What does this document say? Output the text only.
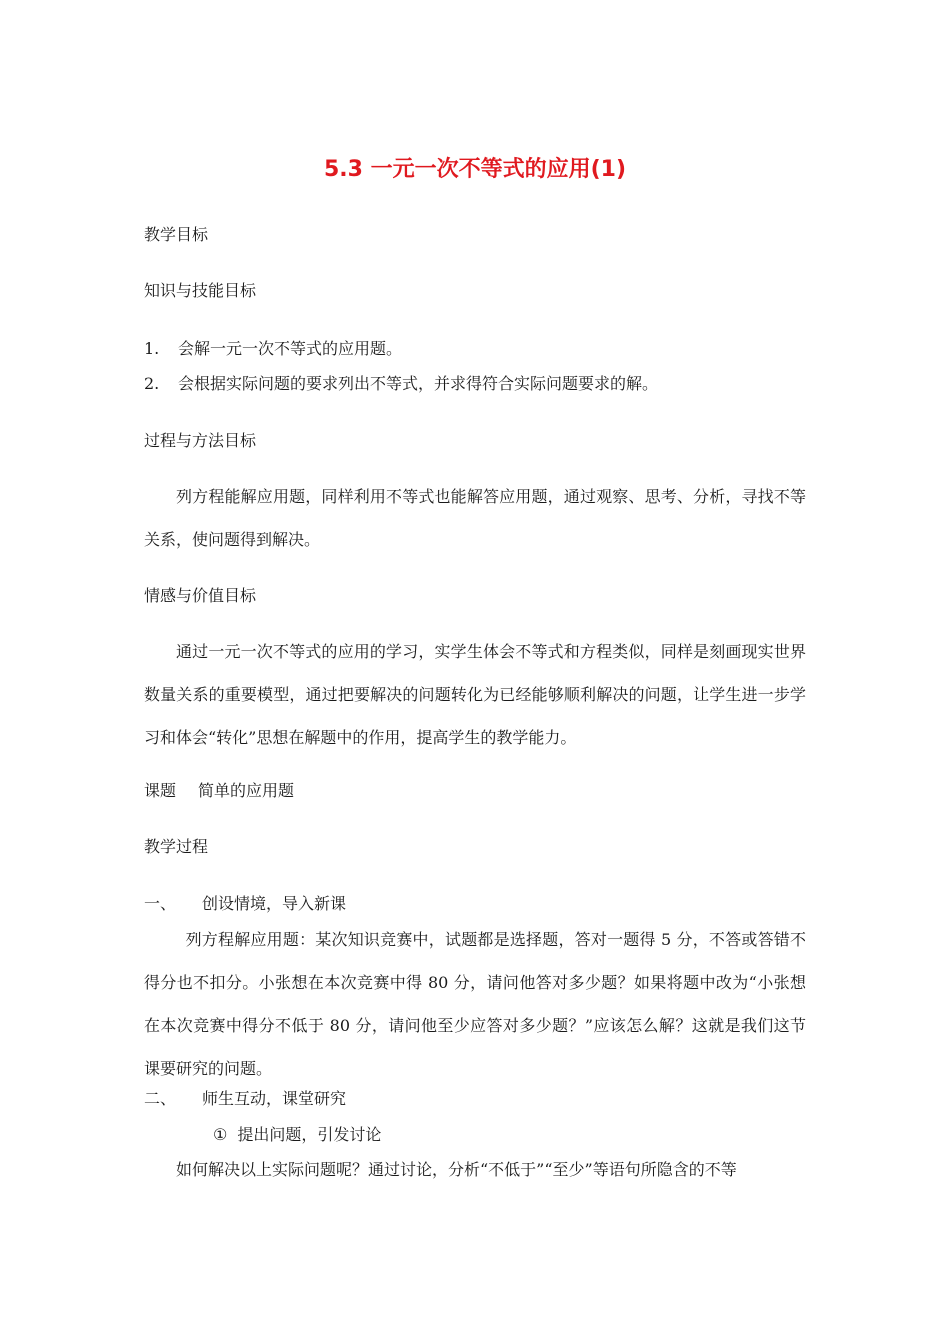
5.3 一元一次不等式的应用(1)
教学目标
知识与技能目标
1. 会解一元一次不等式的应用题。
2. 会根据实际问题的要求列出不等式，并求得符合实际问题要求的解。
过程与方法目标
列方程能解应用题，同样利用不等式也能解答应用题，通过观察、思考、分析，寻找不等关系，使问题得到解决。
情感与价值目标
通过一元一次不等式的应用的学习，实学生体会不等式和方程类似，同样是刻画现实世界数量关系的重要模型，通过把要解决的问题转化为已经能够顺利解决的问题，让学生进一步学习和体会“转化”思想在解题中的作用，提高学生的教学能力。
课题 简单的应用题
教学过程
一、 创设情境，导入新课
列方程解应用题：某次知识竞赛中，试题都是选择题，答对一题得 5 分，不答或答错不得分也不扣分。小张想在本次竞赛中得 80 分，请问他答对多少题？如果将题中改为“小张想在本次竞赛中得分不低于 80 分，请问他至少应答对多少题？”应该怎么解？这就是我们这节课要研究的问题。
二、 师生互动，课堂研究
① 提出问题，引发讨论
如何解决以上实际问题呢？通过讨论，分析“不低于”“至少”等语句所隐含的不等
